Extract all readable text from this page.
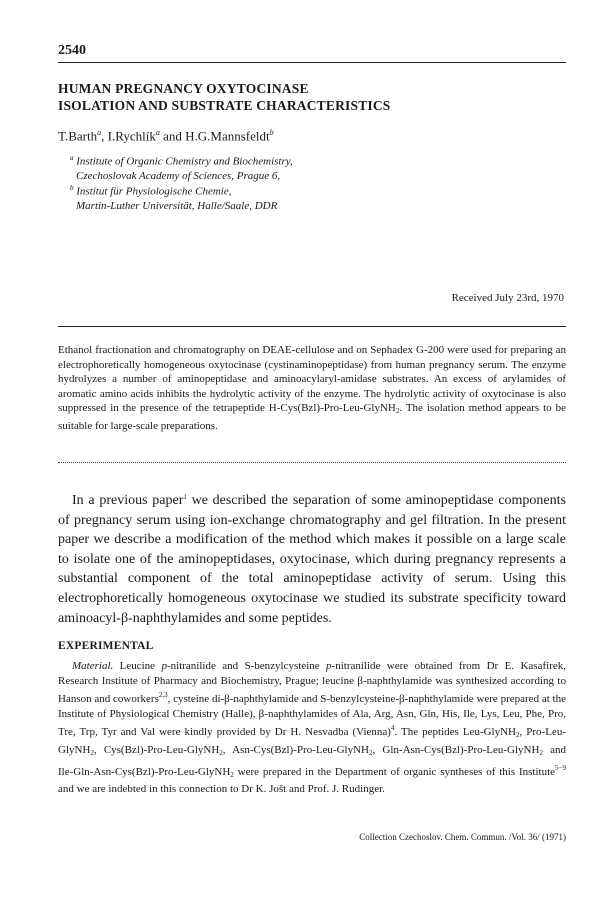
2540
HUMAN PREGNANCY OXYTOCINASE
ISOLATION AND SUBSTRATE CHARACTERISTICS
T.Barth$^a$, I.Rychlík$^a$ and H.G.Mannsfeldt$^b$
$^a$ Institute of Organic Chemistry and Biochemistry,
Czechoslovak Academy of Sciences, Prague 6,
$^b$ Institut für Physiologische Chemie,
Martin-Luther Universität, Halle/Saale, DDR
Received July 23rd, 1970
Ethanol fractionation and chromatography on DEAE-cellulose and on Sephadex G-200 were used for preparing an electrophoretically homogeneous oxytocinase (cystinaminopeptidase) from human pregnancy serum. The enzyme hydrolyzes a number of aminopeptidase and aminoacylaryl-amidase substrates. An excess of arylamides of aromatic amino acids inhibits the hydrolytic activity of the enzyme. The hydrolytic activity of oxytocinase is also suppressed in the presence of the tetrapeptide H-Cys(Bzl)-Pro-Leu-GlyNH$_2$. The isolation method appears to be suitable for large-scale preparations.
In a previous paper$^1$ we described the separation of some aminopeptidase components of pregnancy serum using ion-exchange chromatography and gel filtration. In the present paper we describe a modification of the method which makes it possible on a large scale to isolate one of the aminopeptidases, oxytocinase, which during pregnancy represents a substantial component of the total aminopeptidase activity of serum. Using this electrophoretically homogeneous oxytocinase we studied its substrate specificity toward aminoacyl-β-naphthylamides and some peptides.
EXPERIMENTAL
Material. Leucine p-nitranilide and S-benzylcysteine p-nitranilide were obtained from Dr E. Kasafirek, Research Institute of Pharmacy and Biochemistry, Prague; leucine β-naphthylamide was synthesized according to Hanson and coworkers$^{2,3}$, cysteine di-β-naphthylamide and S-benzylcysteine-β-naphthylamide were prepared at the Institute of Physiological Chemistry (Halle), β-naphthylamides of Ala, Arg, Asn, Gln, His, Ile, Lys, Leu, Phe, Pro, Tre, Trp, Tyr and Val were kindly provided by Dr H. Nesvadba (Vienna)$^4$. The peptides Leu-GlyNH$_2$, Pro-Leu-GlyNH$_2$, Cys(Bzl)-Pro-Leu-GlyNH$_2$, Asn-Cys(Bzl)-Pro-Leu-GlyNH$_2$, Gln-Asn-Cys(Bzl)-Pro-Leu-GlyNH$_2$ and Ile-Gln-Asn-Cys(Bzl)-Pro-Leu-GlyNH$_2$ were prepared in the Department of organic syntheses of this Institute$^{5-9}$ and we are indebted in this connection to Dr K. Jošt and Prof. J. Rudinger.
Collection Czechoslov. Chem. Commun. /Vol. 36/ (1971)
